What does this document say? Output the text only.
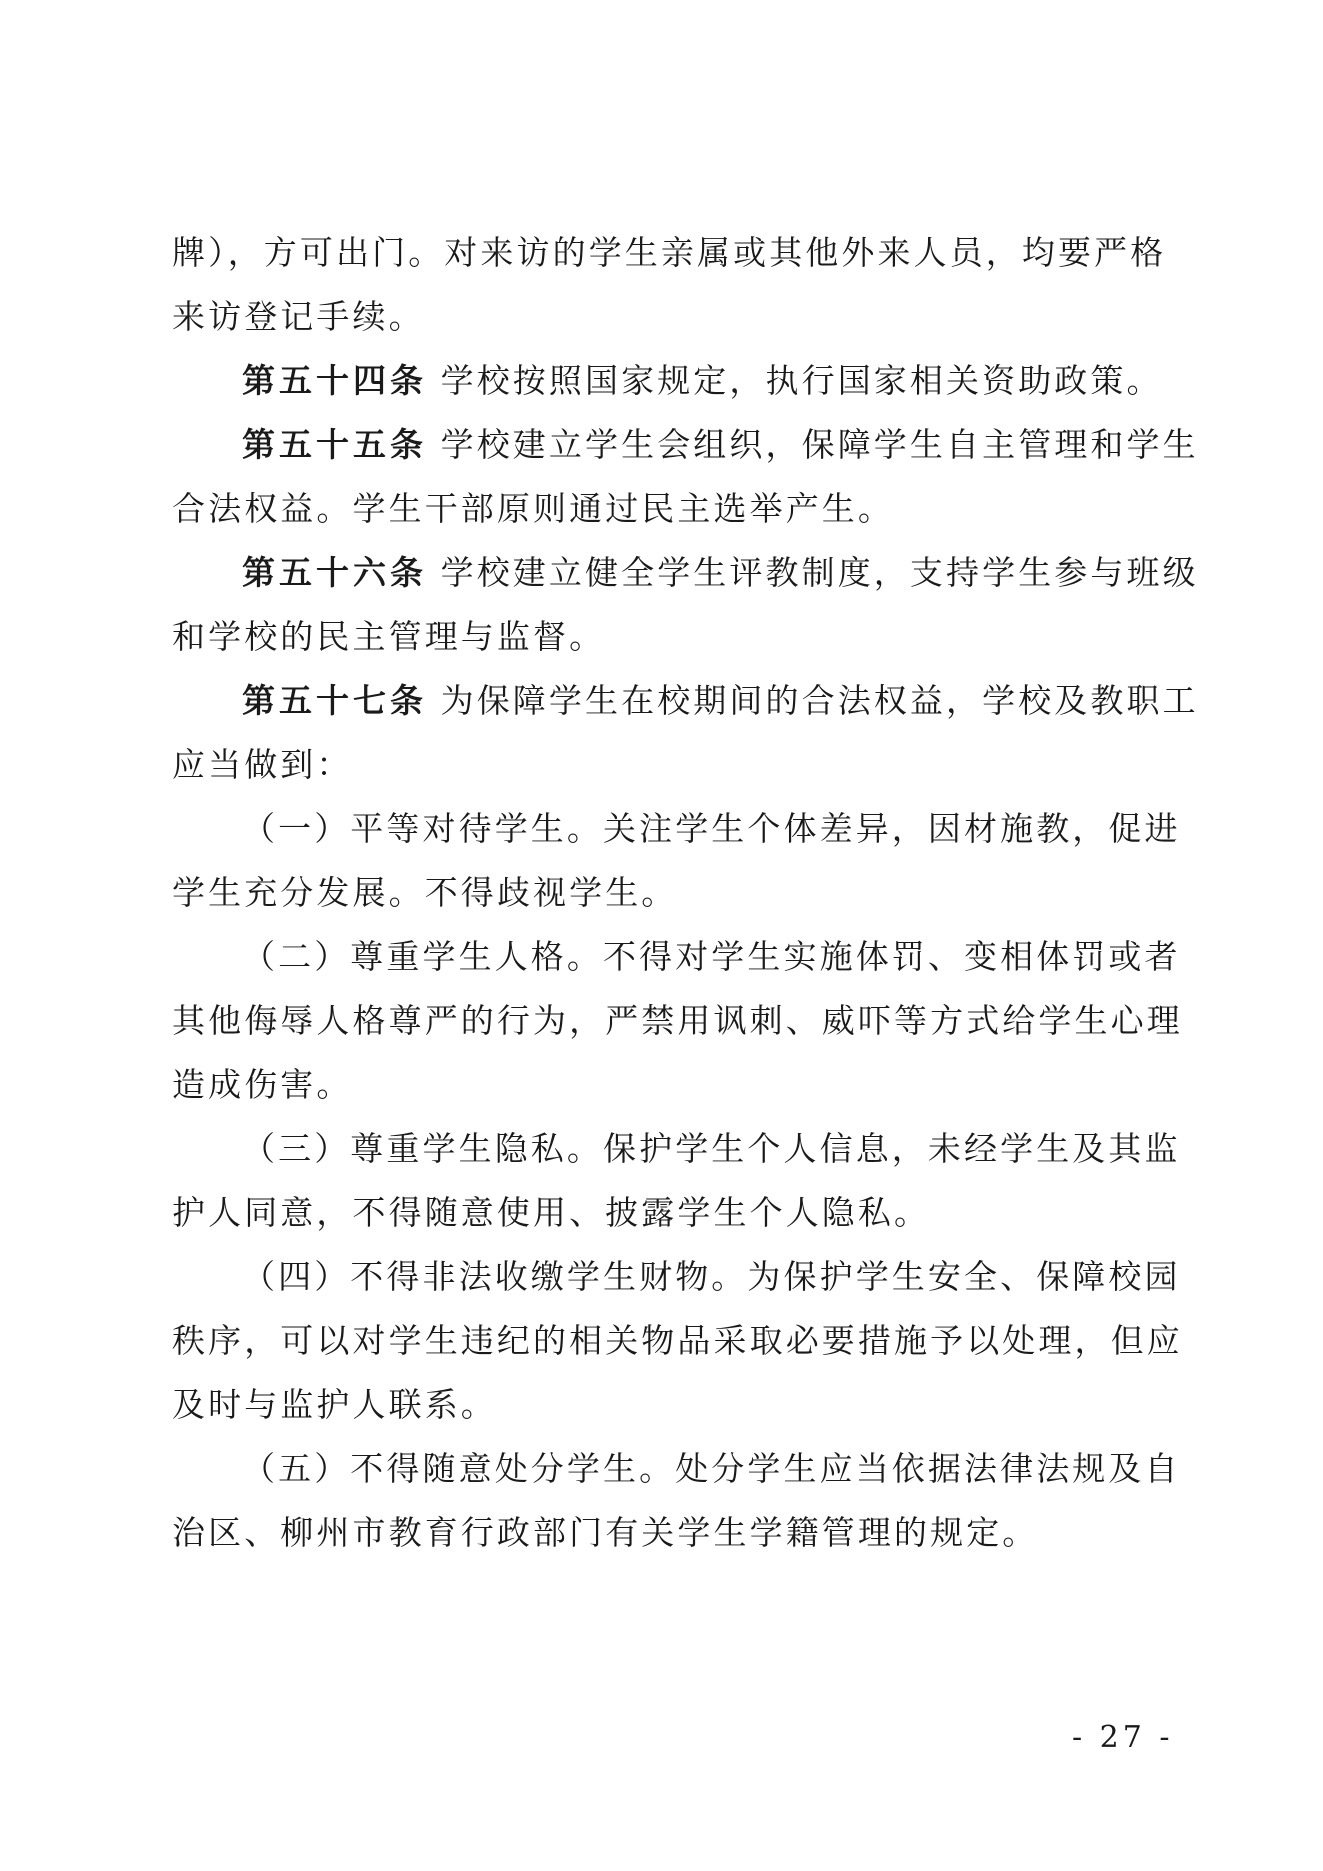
牌），方可出门。对来访的学生亲属或其他外来人员，均要严格
来访登记手续。
第五十四条 学校按照国家规定，执行国家相关资助政策。
第五十五条 学校建立学生会组织，保障学生自主管理和学生
合法权益。学生干部原则通过民主选举产生。
第五十六条 学校建立健全学生评教制度，支持学生参与班级
和学校的民主管理与监督。
第五十七条 为保障学生在校期间的合法权益，学校及教职工
应当做到：
（一）平等对待学生。关注学生个体差异，因材施教，促进
学生充分发展。不得歧视学生。
（二）尊重学生人格。不得对学生实施体罚、变相体罚或者
其他侮辱人格尊严的行为，严禁用讽刺、威吓等方式给学生心理
造成伤害。
（三）尊重学生隐私。保护学生个人信息，未经学生及其监
护人同意，不得随意使用、披露学生个人隐私。
（四）不得非法收缴学生财物。为保护学生安全、保障校园
秩序，可以对学生违纪的相关物品采取必要措施予以处理，但应
及时与监护人联系。
（五）不得随意处分学生。处分学生应当依据法律法规及自
治区、柳州市教育行政部门有关学生学籍管理的规定。
- 27 -
